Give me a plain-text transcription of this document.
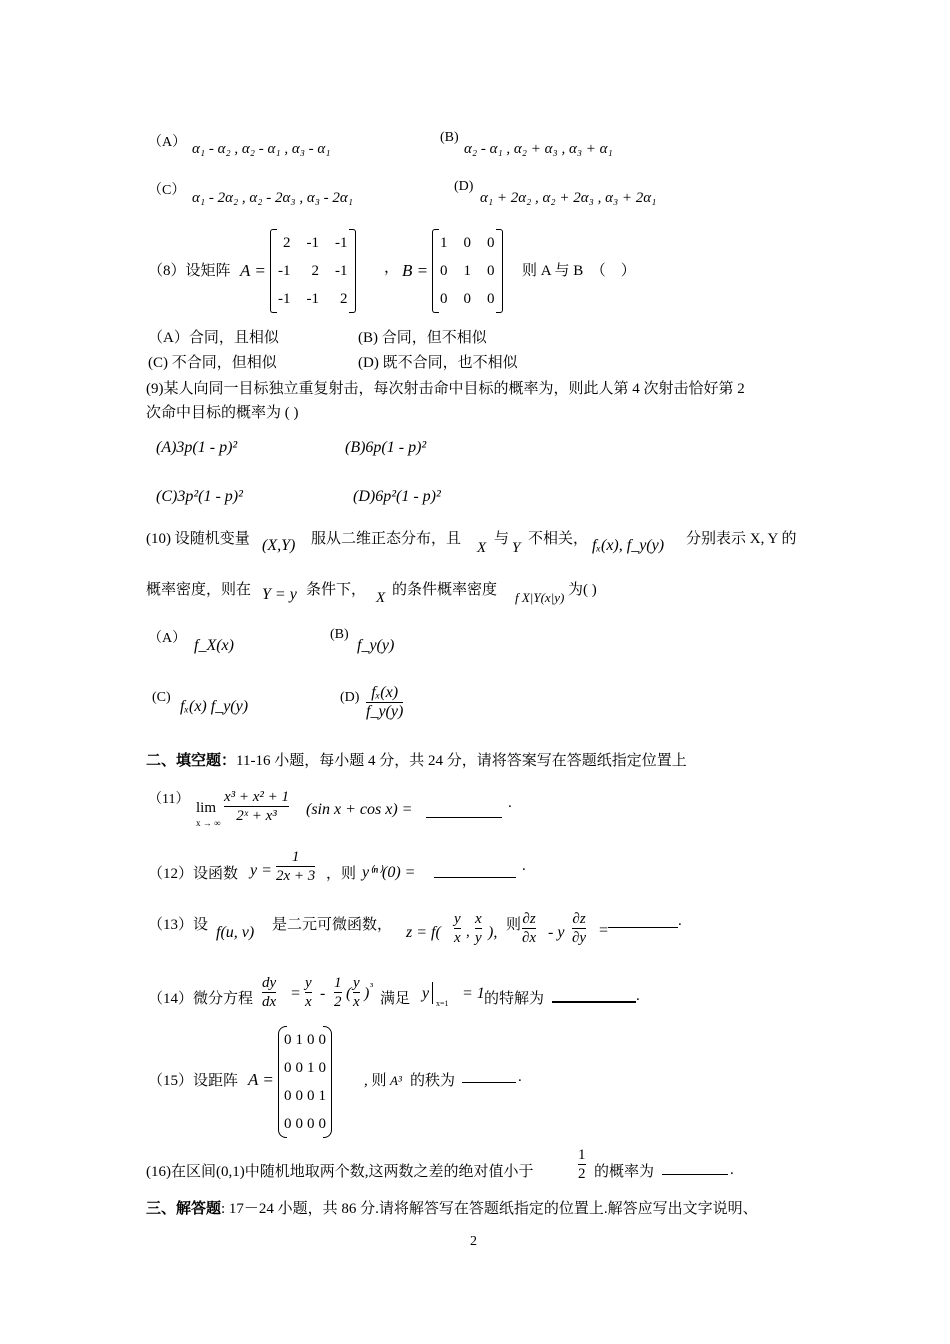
（A） α₁ - α₂ , α₂ - α₁ , α₃ - α₁
(B)
α₂ - α₁ , α₂ + α₃ , α₃ + α₁
（C） α₁ - 2α₂ , α₂ - 2α₃ , α₃ - 2α₁
(D)
α₁ + 2α₂ , α₂ + 2α₃ , α₃ + 2α₁
（8）设矩阵 A =
2	-1	-1
-1	2	-1
-1	-1	2
， B =
1	0	0
0	1	0
0	0	0
则 A 与 B　（　）
（A）合同，且相似	(B) 合同，但不相似
(C) 不合同，但相似	(D) 既不合同，也不相似
(9)某人向同一目标独立重复射击，每次射击命中目标的概率为，则此人第 4 次射击恰好第 2
次命中目标的概率为 ( )
(A)3p(1 - p)²	(B)6p(1 - p)²
(C)3p²(1 - p)²	(D)6p²(1 - p)²
(10) 设随机变量 (X,Y) 服从二维正态分布，且
X
与
Y
不相关， fₓ(x), f_y(y) 分别表示 X, Y 的
概率密度，则在 Y = y 条件下， X 的条件概率密度 f X|Y(x|y) 为( )
（A） f_X(x)
(B)
f_y(y)
(C)
fₓ(x) f_y(y)
$(D) \frac{\text{fₓ(x)}}{f\_y(y)}$
二、填空题：11-16 小题，每小题 4 分，共 24 分，请将答案写在答题纸指定位置上
（11）
lim
x → ∞ $\frac{\text{x³ + x² + 1}}{\text{2ˣ + x³}} (\sin$ x + cos x) =	.
（12）设函数 $y = \frac{1}{2x + 3}$ ，则 y⁽ⁿ⁾(0) =	.
（13）设 f(u, v) 是二元可微函数， $z = f( \frac{y}{x}$ , $\frac{x}{y}$ ), 则 $\frac{\partial z}{\partial x}$ - y $\frac{\partial z}{\partial y}$ =
.
（14）微分方程 $\frac{dy}{dx} = \frac{y}{x} - \frac{1}{2}$ ( $\frac{y}{x}$ ) ³
满足 y
x=1
= 1 的特解为	.
（15）设距阵 A =
0	1	0	0
0	0	1	0
0	0	0	1
0	0	0	0
, 则 A³ 的秩为	.
(16)在区间(0,1)中随机地取两个数,这两数之差的绝对值小于	$\frac{1}{2}$ 的概率为	.
三、解答题: 17－24 小题，共 86 分.请将解答写在答题纸指定的位置上.解答应写出文字说明、
2
